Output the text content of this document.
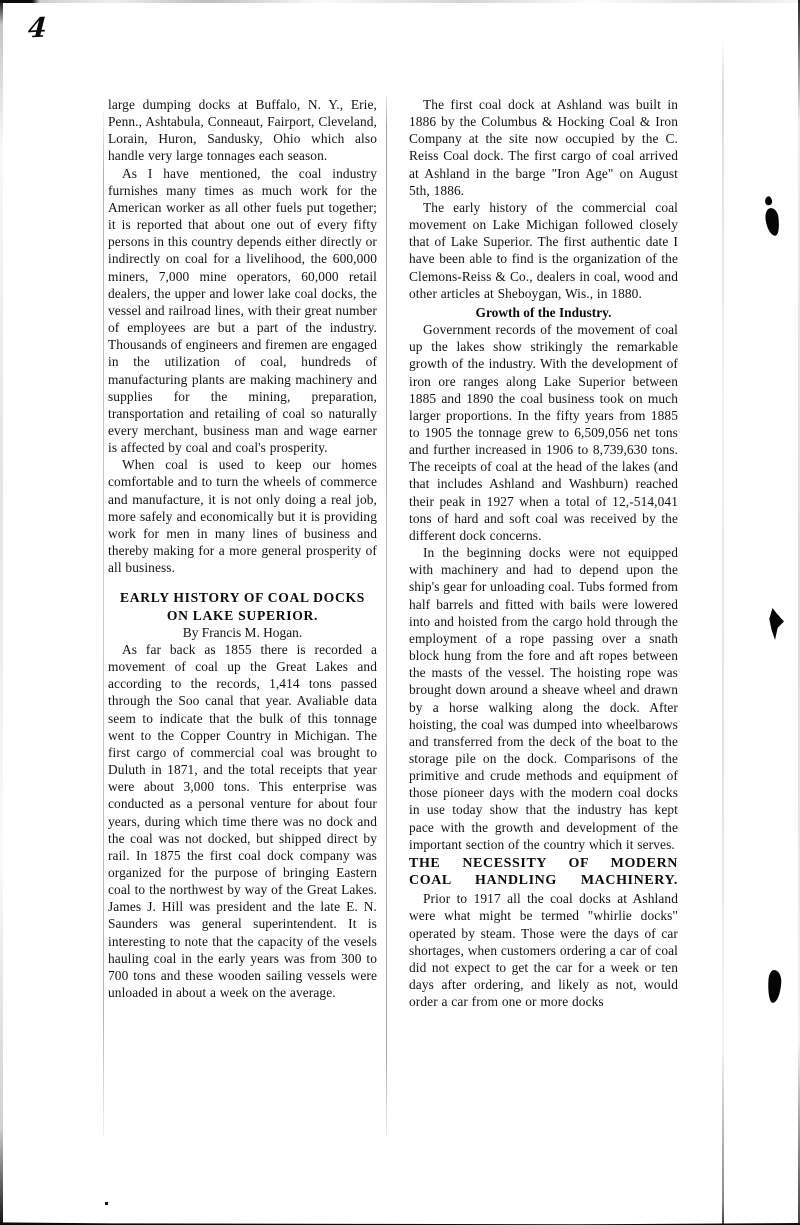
4

large dumping docks at Buffalo, N. Y., Erie, Penn., Ashtabula, Conneaut, Fairport, Cleveland, Lorain, Huron, Sandusky, Ohio which also handle very large tonnages each season.

As I have mentioned, the coal industry furnishes many times as much work for the American worker as all other fuels put together; it is reported that about one out of every fifty persons in this country depends either directly or indirectly on coal for a livelihood, the 600,000 miners, 7,000 mine operators, 60,000 retail dealers, the upper and lower lake coal docks, the vessel and railroad lines, with their great number of employees are but a part of the industry. Thousands of engineers and firemen are engaged in the utilization of coal, hundreds of manufacturing plants are making machinery and supplies for the mining, preparation, transportation and retailing of coal so naturally every merchant, business man and wage earner is affected by coal and coal's prosperity.

When coal is used to keep our homes comfortable and to turn the wheels of commerce and manufacture, it is not only doing a real job, more safely and economically but it is providing work for men in many lines of business and thereby making for a more general prosperity of all business.

EARLY HISTORY OF COAL DOCKS ON LAKE SUPERIOR.
By Francis M. Hogan.

As far back as 1855 there is recorded a movement of coal up the Great Lakes and according to the records, 1,414 tons passed through the Soo canal that year. Avaliable data seem to indicate that the bulk of this tonnage went to the Copper Country in Michigan. The first cargo of commercial coal was brought to Duluth in 1871, and the total receipts that year were about 3,000 tons. This enterprise was conducted as a personal venture for about four years, during which time there was no dock and the coal was not docked, but shipped direct by rail. In 1875 the first coal dock company was organized for the purpose of bringing Eastern coal to the northwest by way of the Great Lakes. James J. Hill was president and the late E. N. Saunders was general superintendent. It is interesting to note that the capacity of the vesels hauling coal in the early years was from 300 to 700 tons and these wooden sailing vessels were unloaded in about a week on the average.

The first coal dock at Ashland was built in 1886 by the Columbus & Hocking Coal & Iron Company at the site now occupied by the C. Reiss Coal dock. The first cargo of coal arrived at Ashland in the barge "Iron Age" on August 5th, 1886.

The early history of the commercial coal movement on Lake Michigan followed closely that of Lake Superior. The first authentic date I have been able to find is the organization of the Clemons-Reiss & Co., dealers in coal, wood and other articles at Sheboygan, Wis., in 1880.

Growth of the Industry.

Government records of the movement of coal up the lakes show strikingly the remarkable growth of the industry. With the development of iron ore ranges along Lake Superior between 1885 and 1890 the coal business took on much larger proportions. In the fifty years from 1885 to 1905 the tonnage grew to 6,509,056 net tons and further increased in 1906 to 8,739,630 tons. The receipts of coal at the head of the lakes (and that includes Ashland and Washburn) reached their peak in 1927 when a total of 12,-514,041 tons of hard and soft coal was received by the different dock concerns.

In the beginning docks were not equipped with machinery and had to depend upon the ship's gear for unloading coal. Tubs formed from half barrels and fitted with bails were lowered into and hoisted from the cargo hold through the employment of a rope passing over a snath block hung from the fore and aft ropes between the masts of the vessel. The hoisting rope was brought down around a sheave wheel and drawn by a horse walking along the dock. After hoisting, the coal was dumped into wheelbarows and transferred from the deck of the boat to the storage pile on the dock. Comparisons of the primitive and crude methods and equipment of those pioneer days with the modern coal docks in use today show that the industry has kept pace with the growth and development of the important section of the country which it serves.

THE NECESSITY OF MODERN
COAL HANDLING MACHINERY.

Prior to 1917 all the coal docks at Ashland were what might be termed "whirlie docks" operated by steam. Those were the days of car shortages, when customers ordering a car of coal did not expect to get the car for a week or ten days after ordering, and likely as not, would order a car from one or more docks
